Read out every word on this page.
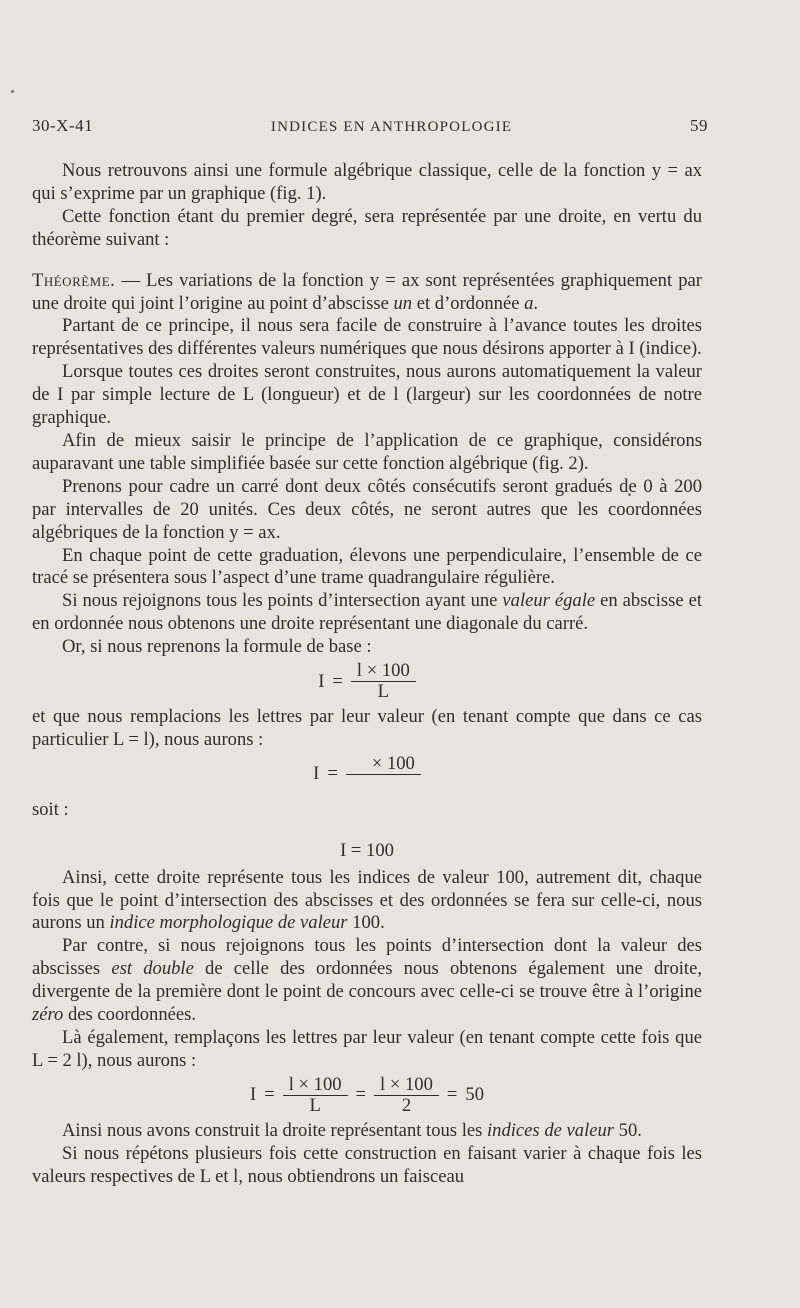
30-X-41	INDICES EN ANTHROPOLOGIE	59

Nous retrouvons ainsi une formule algébrique classique, celle de la fonction y = ax qui s’exprime par un graphique (fig. 1).

Cette fonction étant du premier degré, sera représentée par une droite, en vertu du théorème suivant :

Théorème. — Les variations de la fonction y = ax sont représentées graphiquement par une droite qui joint l’origine au point d’abscisse un et d’ordonnée a.

Partant de ce principe, il nous sera facile de construire à l’avance toutes les droites représentatives des différentes valeurs numériques que nous désirons apporter à I (indice).

Lorsque toutes ces droites seront construites, nous aurons automatiquement la valeur de I par simple lecture de L (longueur) et de l (largeur) sur les coordonnées de notre graphique.

Afin de mieux saisir le principe de l’application de ce graphique, considérons auparavant une table simplifiée basée sur cette fonction algébrique (fig. 2).

Prenons pour cadre un carré dont deux côtés consécutifs seront gradués de 0 à 200 par intervalles de 20 unités. Ces deux côtés, ne seront autres que les coordonnées algébriques de la fonction y = ax.

En chaque point de cette graduation, élevons une perpendiculaire, l’ensemble de ce tracé se présentera sous l’aspect d’une trame quadrangulaire régulière.

Si nous rejoignons tous les points d’intersection ayant une valeur égale en abscisse et en ordonnée nous obtenons une droite représentant une diagonale du carré.

Or, si nous reprenons la formule de base :

$I = \frac{l \times 100}{L}$

et que nous remplacions les lettres par leur valeur (en tenant compte que dans ce cas particulier L = l), nous aurons :

I =	× 100

soit :

I = 100

Ainsi, cette droite représente tous les indices de valeur 100, autrement dit, chaque fois que le point d’intersection des abscisses et des ordonnées se fera sur celle-ci, nous aurons un indice morphologique de valeur 100.

Par contre, si nous rejoignons tous les points d’intersection dont la valeur des abscisses est double de celle des ordonnées nous obtenons également une droite, divergente de la première dont le point de concours avec celle-ci se trouve être à l’origine zéro des coordonnées.

Là également, remplaçons les lettres par leur valeur (en tenant compte cette fois que L = 2 l), nous aurons :

$I = \frac{l \times 100}{L} = \frac{l \times 100}{2} = 50$

Ainsi nous avons construit la droite représentant tous les indices de valeur 50.

Si nous répétons plusieurs fois cette construction en faisant varier à chaque fois les valeurs respectives de L et l, nous obtiendrons un faisceau
